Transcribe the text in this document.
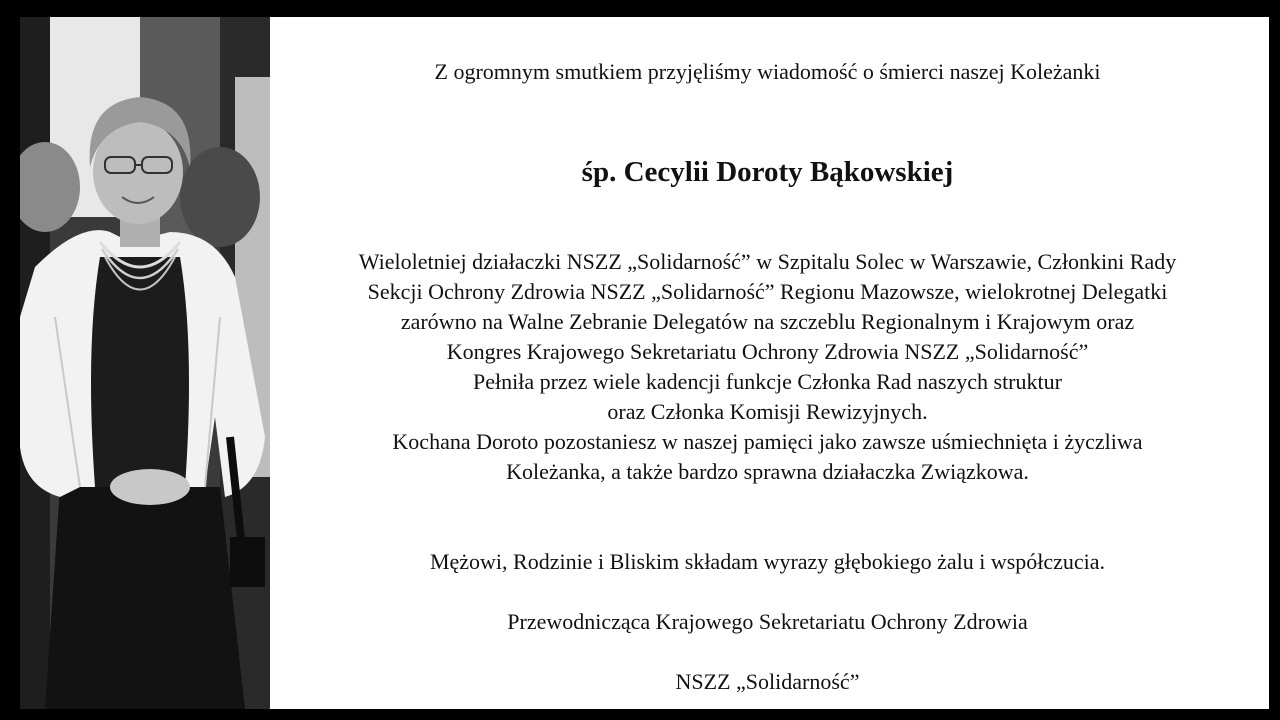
Z ogromnym smutkiem przyjęliśmy wiadomość o śmierci naszej Koleżanki
śp. Cecylii Doroty Bąkowskiej
Wieloletniej działaczki NSZZ „Solidarność” w Szpitalu Solec w Warszawie, Członkini Rady
Sekcji Ochrony Zdrowia NSZZ „Solidarność” Regionu Mazowsze, wielokrotnej Delegatki
zarówno na Walne Zebranie Delegatów na szczeblu Regionalnym i Krajowym oraz
Kongres Krajowego Sekretariatu Ochrony Zdrowia NSZZ „Solidarność”
Pełniła przez wiele kadencji funkcje Członka Rad naszych struktur
oraz Członka Komisji Rewizyjnych.
Kochana Doroto pozostaniesz w naszej pamięci jako zawsze uśmiechnięta i życzliwa
Koleżanka, a także bardzo sprawna działaczka Związkowa.
Mężowi, Rodzinie i Bliskim składam wyrazy głębokiego żalu i współczucia.
Przewodnicząca Krajowego Sekretariatu Ochrony Zdrowia
NSZZ „Solidarność”
